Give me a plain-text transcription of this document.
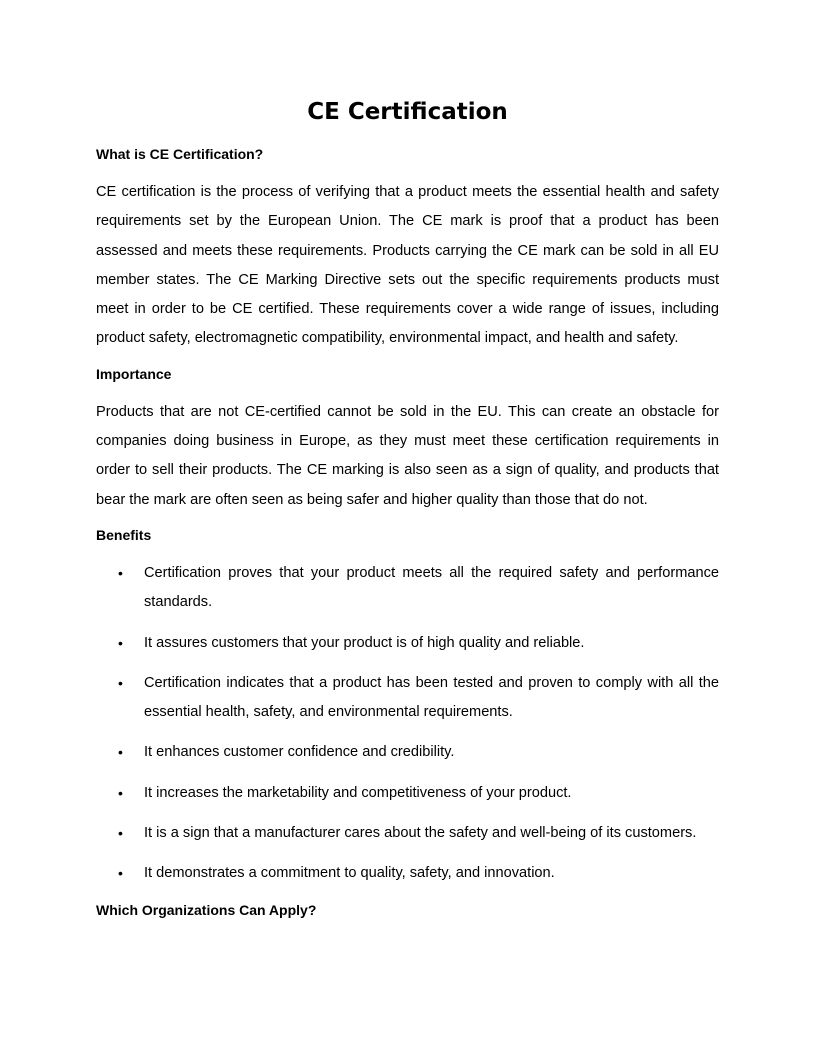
CE Certification
What is CE Certification?

CE certification is the process of verifying that a product meets the essential health and safety requirements set by the European Union. The CE mark is proof that a product has been assessed and meets these requirements. Products carrying the CE mark can be sold in all EU member states. The CE Marking Directive sets out the specific requirements products must meet in order to be CE certified. These requirements cover a wide range of issues, including product safety, electromagnetic compatibility, environmental impact, and health and safety.

Importance

Products that are not CE-certified cannot be sold in the EU. This can create an obstacle for companies doing business in Europe, as they must meet these certification requirements in order to sell their products. The CE marking is also seen as a sign of quality, and products that bear the mark are often seen as being safer and higher quality than those that do not.

Benefits
• Certification proves that your product meets all the required safety and performance standards.
• It assures customers that your product is of high quality and reliable.
• Certification indicates that a product has been tested and proven to comply with all the essential health, safety, and environmental requirements.
• It enhances customer confidence and credibility.
• It increases the marketability and competitiveness of your product.
• It is a sign that a manufacturer cares about the safety and well-being of its customers.
• It demonstrates a commitment to quality, safety, and innovation.
Which Organizations Can Apply?
